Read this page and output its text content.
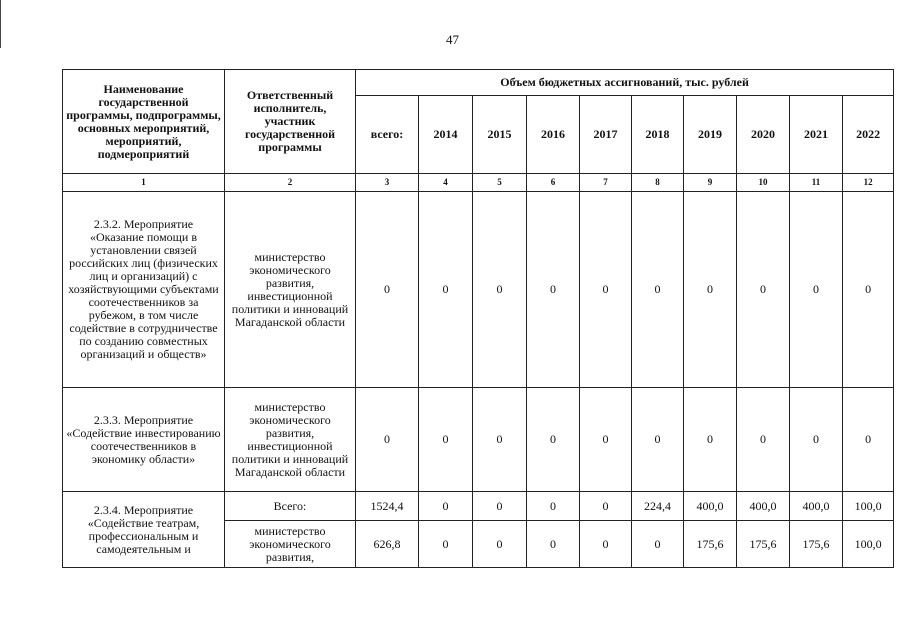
47
Наименование государственной программы, подпрограммы, основных мероприятий, мероприятий, подмероприятий	Ответственный исполнитель, участник государственной программы	Объем бюджетных ассигнований, тыс. рублей									
		всего:	2014	2015	2016	2017	2018	2019	2020	2021	2022
1	2	3	4	5	6	7	8	9	10	11	12
2.3.2. Мероприятие «Оказание помощи в установлении связей российских лиц (физических лиц и организаций) с хозяйствующими субъектами соотечественников за рубежом, в том числе содействие в сотрудничестве по созданию совместных организаций и обществ»	министерство экономического развития, инвестиционной политики и инноваций Магаданской области	0	0	0	0	0	0	0	0	0	0
2.3.3. Мероприятие «Содействие инвестированию соотечественников в экономику области»	министерство экономического развития, инвестиционной политики и инноваций Магаданской области	0	0	0	0	0	0	0	0	0	0
2.3.4. Мероприятие «Содействие театрам, профессиональным и самодеятельным и	Всего:	1524,4	0	0	0	0	224,4	400,0	400,0	400,0	100,0
	министерство экономического развития,	626,8	0	0	0	0	0	175,6	175,6	175,6	100,0
